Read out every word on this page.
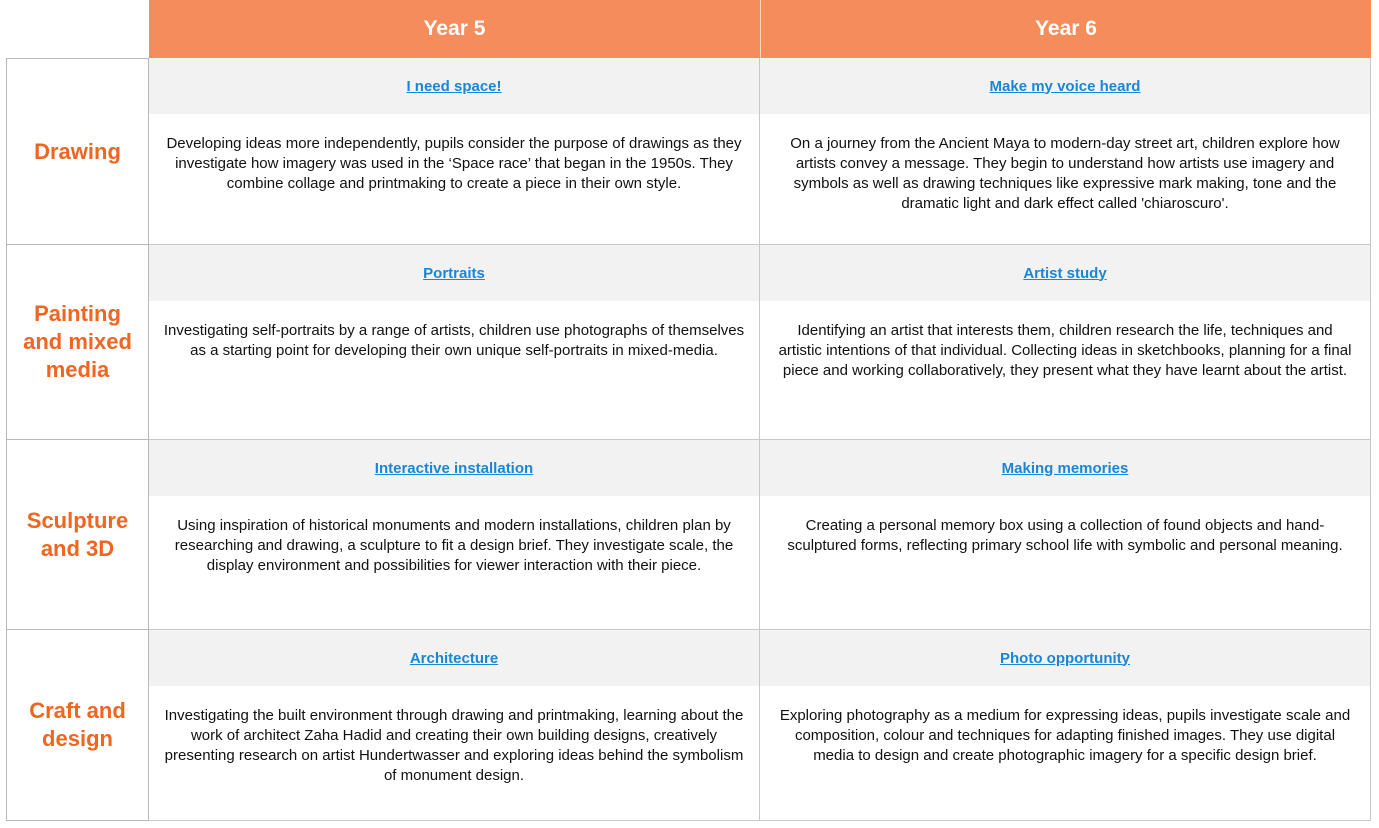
Year 5	Year 6
Drawing
I need space!
Developing ideas more independently, pupils consider the purpose of drawings as they investigate how imagery was used in the ‘Space race’ that began in the 1950s. They combine collage and printmaking to create a piece in their own style.
Make my voice heard
On a journey from the Ancient Maya to modern-day street art, children explore how artists convey a message. They begin to understand how artists use imagery and symbols as well as drawing techniques like expressive mark making, tone and the dramatic light and dark effect called 'chiaroscuro'.
Painting and mixed media
Portraits
Investigating self-portraits by a range of artists, children use photographs of themselves as a starting point for developing their own unique self-portraits in mixed-media.
Artist study
Identifying an artist that interests them, children research the life, techniques and artistic intentions of that individual. Collecting ideas in sketchbooks, planning for a final piece and working collaboratively, they present what they have learnt about the artist.
Sculpture and 3D
Interactive installation
Using inspiration of historical monuments and modern installations, children plan by researching and drawing, a sculpture to fit a design brief. They investigate scale, the display environment and possibilities for viewer interaction with their piece.
Making memories
Creating a personal memory box using a collection of found objects and hand-sculptured forms, reflecting primary school life with symbolic and personal meaning.
Craft and design
Architecture
Investigating the built environment through drawing and printmaking, learning about the work of architect Zaha Hadid and creating their own building designs, creatively presenting research on artist Hundertwasser and exploring ideas behind the symbolism of monument design.
Photo opportunity
Exploring photography as a medium for expressing ideas, pupils investigate scale and composition, colour and techniques for adapting finished images. They use digital media to design and create photographic imagery for a specific design brief.
